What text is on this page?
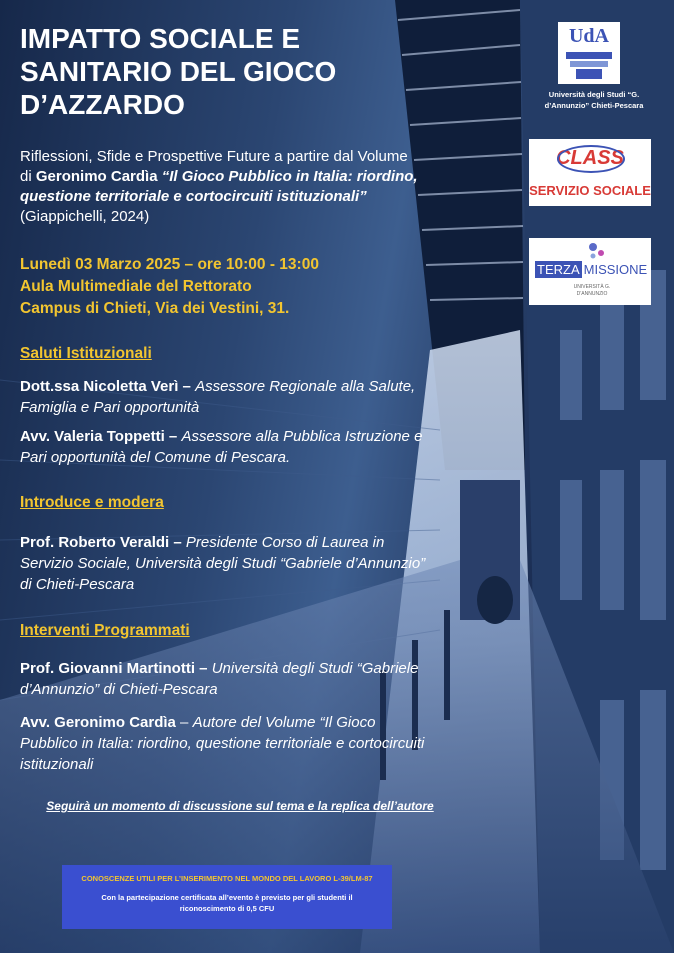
IMPATTO SOCIALE E SANITARIO DEL GIOCO D’AZZARDO
Riflessioni, Sfide e Prospettive Future a partire dal Volume di Geronimo Cardìa “Il Gioco Pubblico in Italia: riordino, questione territoriale e cortocircuiti istituzionali” (Giappichelli, 2024)
Lunedì 03 Marzo 2025 – ore 10:00 - 13:00
Aula Multimediale del Rettorato
Campus di Chieti, Via dei Vestini, 31.
Saluti Istituzionali
Dott.ssa Nicoletta Verì – Assessore Regionale alla Salute, Famiglia e Pari opportunità
Avv. Valeria Toppetti – Assessore alla Pubblica Istruzione e Pari opportunità del Comune di Pescara.
Introduce e modera
Prof. Roberto Veraldi – Presidente Corso di Laurea in Servizio Sociale, Università degli Studi “Gabriele d’Annunzio” di Chieti-Pescara
Interventi Programmati
Prof. Giovanni Martinotti – Università degli Studi “Gabriele d’Annunzio” di Chieti-Pescara
Avv. Geronimo Cardìa – Autore del Volume “Il Gioco Pubblico in Italia: riordino, questione territoriale e cortocircuiti istituzionali
Seguirà un momento di discussione sul tema e la replica dell’autore
CONOSCENZE UTILI PER L’INSERIMENTO NEL MONDO DEL LAVORO L-39/LM-87
Con la partecipazione certificata all’evento è previsto per gli studenti il riconoscimento di 0,5 CFU
UdA
Università degli Studi “G. d’Annunzio” Chieti-Pescara
CLASS
SERVIZIO SOCIALE
TERZA MISSIONE
UNIVERSITÀ G. D’ANNUNZIO
